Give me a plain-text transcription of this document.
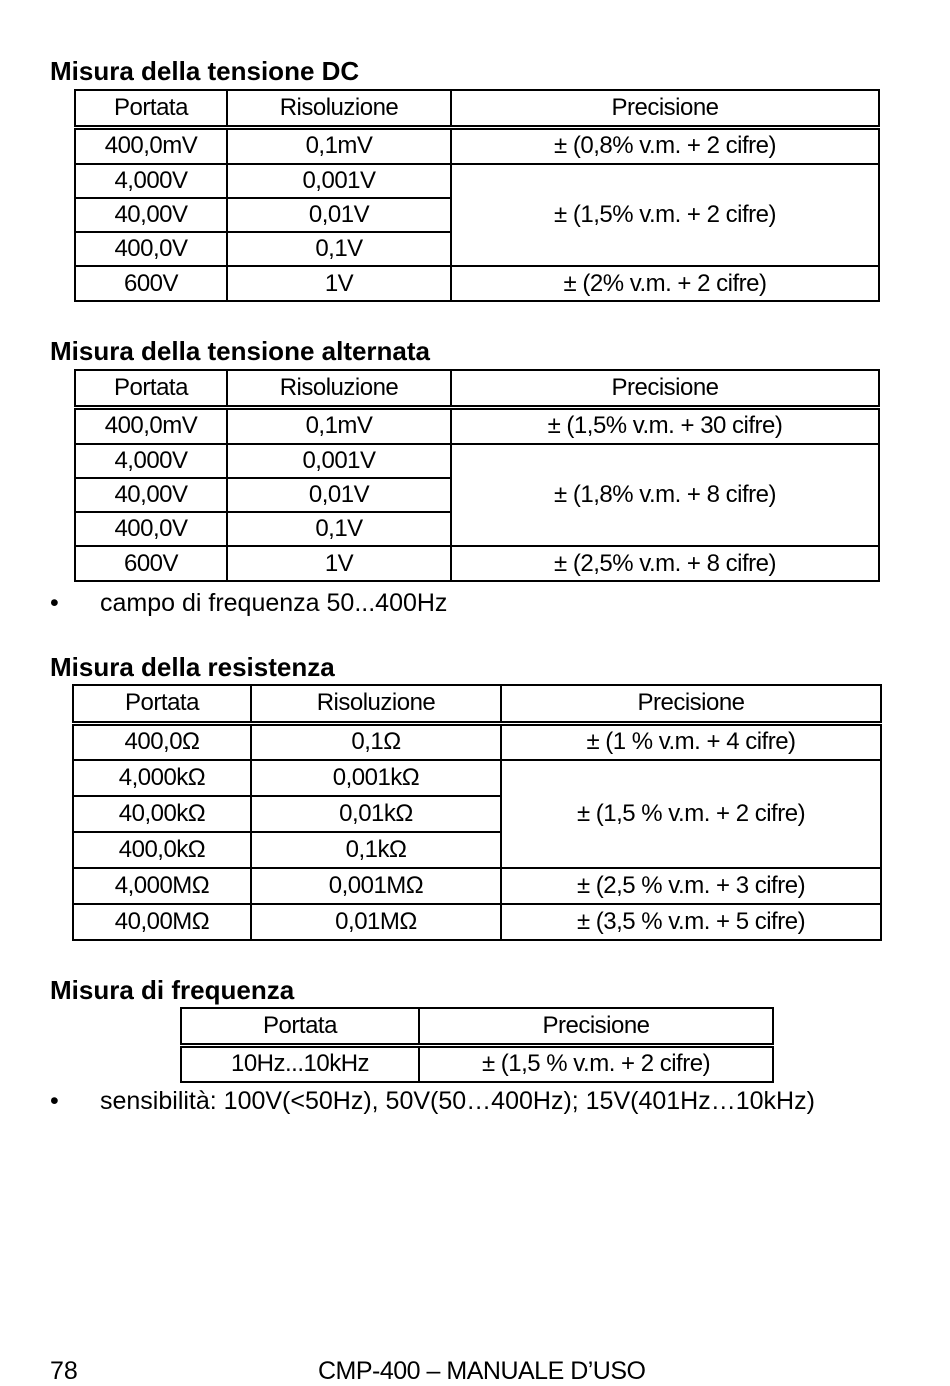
Misura della tensione DC
Portata	Risoluzione	Precisione
400,0mV	0,1mV	± (0,8% v.m. + 2 cifre)
4,000V	0,001V	± (1,5% v.m. + 2 cifre)
40,00V	0,01V	
400,0V	0,1V	
600V	1V	± (2% v.m. + 2 cifre)
Misura della tensione alternata
Portata	Risoluzione	Precisione
400,0mV	0,1mV	± (1,5% v.m. + 30 cifre)
4,000V	0,001V	± (1,8% v.m. + 8 cifre)
40,00V	0,01V	
400,0V	0,1V	
600V	1V	± (2,5% v.m. + 8 cifre)
• campo di frequenza 50...400Hz
Misura della resistenza
Portata	Risoluzione	Precisione
400,0Ω	0,1Ω	± (1 % v.m. + 4 cifre)
4,000kΩ	0,001kΩ	± (1,5 % v.m. + 2 cifre)
40,00kΩ	0,01kΩ	
400,0kΩ	0,1kΩ	
4,000MΩ	0,001MΩ	± (2,5 % v.m. + 3 cifre)
40,00MΩ	0,01MΩ	± (3,5 % v.m. + 5 cifre)
Misura di frequenza
Portata	Precisione
10Hz...10kHz	± (1,5 % v.m. + 2 cifre)
• sensibilità: 100V(<50Hz), 50V(50…400Hz); 15V(401Hz…10kHz)
78	CMP-400 – MANUALE D’USO
